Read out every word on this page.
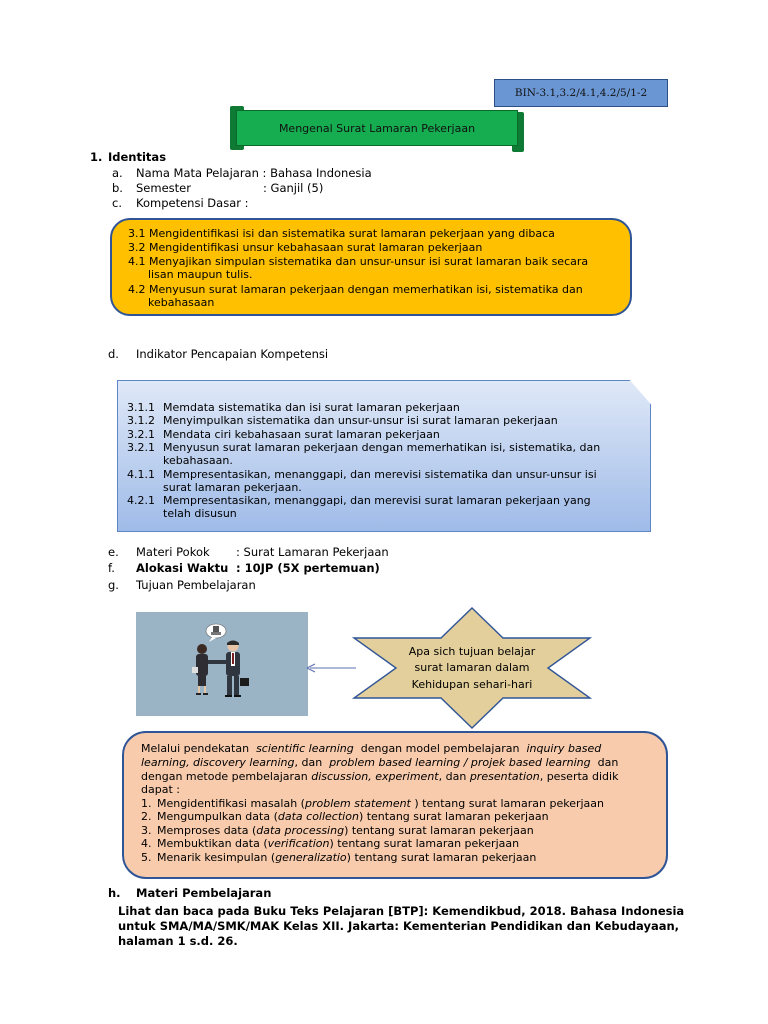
BIN-3.1,3.2/4.1,4.2/5/1-2
Mengenal Surat Lamaran Pekerjaan
1. Identitas
a. Nama Mata Pelajaran : Bahasa Indonesia
b. Semester	: Ganjil (5)
c. Kompetensi Dasar :
3.1 Mengidentifikasi isi dan sistematika surat lamaran pekerjaan yang dibaca
3.2 Mengidentifikasi unsur kebahasaan surat lamaran pekerjaan
4.1 Menyajikan simpulan sistematika dan unsur-unsur isi surat lamaran baik secara
lisan maupun tulis.
4.2 Menyusun surat lamaran pekerjaan dengan memerhatikan isi, sistematika dan
kebahasaan
d. Indikator Pencapaian Kompetensi
3.1.1 Memdata sistematika dan isi surat lamaran pekerjaan
3.1.2 Menyimpulkan sistematika dan unsur-unsur isi surat lamaran pekerjaan
3.2.1 Mendata ciri kebahasaan surat lamaran pekerjaan
3.2.1 Menyusun surat lamaran pekerjaan dengan memerhatikan isi, sistematika, dan
kebahasaan.
4.1.1 Mempresentasikan, menanggapi, dan merevisi sistematika dan unsur-unsur isi
surat lamaran pekerjaan.
4.2.1 Mempresentasikan, menanggapi, dan merevisi surat lamaran pekerjaan yang
telah disusun
e. Materi Pokok : Surat Lamaran Pekerjaan
f. Alokasi Waktu : 10JP (5X pertemuan)
g. Tujuan Pembelajaran
Apa sich tujuan belajar
surat lamaran dalam
Kehidupan sehari-hari
Melalui pendekatan scientific learning dengan model pembelajaran inquiry based
learning, discovery learning, dan problem based learning / projek based learning dan
dengan metode pembelajaran discussion, experiment, dan presentation, peserta didik
dapat :
1. Mengidentifikasi masalah (problem statement ) tentang surat lamaran pekerjaan
2. Mengumpulkan data (data collection) tentang surat lamaran pekerjaan
3. Memproses data (data processing) tentang surat lamaran pekerjaan
4. Membuktikan data (verification) tentang surat lamaran pekerjaan
5. Menarik kesimpulan (generalizatio) tentang surat lamaran pekerjaan
h. Materi Pembelajaran
Lihat dan baca pada Buku Teks Pelajaran [BTP]: Kemendikbud, 2018. Bahasa Indonesia
untuk SMA/MA/SMK/MAK Kelas XII. Jakarta: Kementerian Pendidikan dan Kebudayaan,
halaman 1 s.d. 26.
